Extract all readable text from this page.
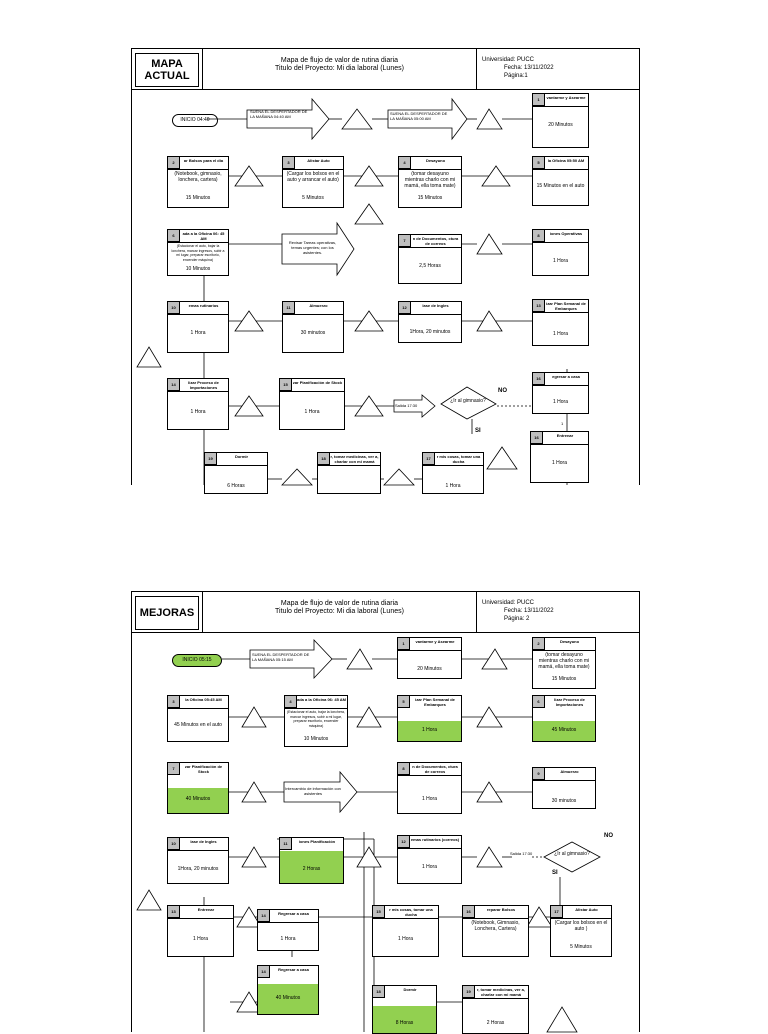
MAPA ACTUAL
Mapa de flujo de valor de rutina diaria
Titulo del Proyecto: Mi dia laboral (Lunes)
Universidad: PUCC

Fecha: 13/11/2022
Página:1
INICIO 04:40
SUENA EL DESPERTADOR DE LA MAÑANA 04:40 AM
SUENA EL DESPERTADOR DE LA MAÑANA 05:00 AM
Revisar Tareas operativas, temas urgentes; con los asistentes.
Salida 17:30
¿Ir al gimnasio?
NO
SI
1
1	vantarme y Asearme
20 Minutos
2	ar Bolsos para el dia
(Notebook, gimnasio, lonchera, cartera)
15 Minutos
3	Alistar Auto
(Cargar los bolsos en el auto y arrancar el auto)
5 Minutos
4	Desayuno
(tomar desayuno mientras charlo con mi mamá, ella toma mate)
15 Minutos
5	la Oficina 05:50 AM
15 Minutos en el auto
6	ada a la Oficina 06: 45 AM
(Estacionar el auto, bajar la lonchera, marcar ingresos, subir a mi lugar, preparar escritorio, encender máquina)
10 Minutos
7	n de Documentos, ctura de correos
2,5 Horas
8	iones Operativas
1 Hora
10	emas rutinarios
1 Hora
11	Almuerzo
30 minutos
12	lase de Ingles
1Hora, 20 minutos
13	izar Plan Semanal de Embarques
1 Hora
14	lizar Proceso de Importaciones
1 Hora
15	zar Planificación de Stock
1 Hora
16	egresar a casa
1 Hora
19	Dormir
6 Horas
18	r, tomar medicinas, ver a, charlar con mi mamá
17	r mis cosas, tomar una ducha
1 Hora
16	Entrenar
1 Hora
MEJORAS
Mapa de flujo de valor de rutina diaria
Titulo del Proyecto: Mi dia laboral (Lunes)
Universidad: PUCC

Fecha: 13/11/2022
Página: 2
INICIO 05:15
SUENA EL DESPERTADOR DE LA MAÑANA 05:15 AM
Intercambio de información con asistentes
Salida 17:30	¿Ir al gimnasio?
NO
SI
1	vantarme y Asearme
20 Minutos
2	Desayuno
(tomar desayuno mientras charlo con mi mamá, ella toma mate)
15 Minutos
3	la Oficina 05:45 AM
45 Minutos en el auto
4	ada a la Oficina 06: 45 AM
(Estacionar el auto, bajar la lonchera, marcar ingresos, subir a mi lugar, preparar escritorio, encender máquina)
10 Minutos
5	izar Plan Semanal de Embarques
1 Hora
6	lizar Proceso de Importaciones
45 Minutos
7	zar Planificación de Stock
40 Minutos
8	n de Documentos, ctura de correos
1 Hora
9	Almuerzo
30 minutos
10	lase de Ingles
1Hora, 20 minutos
11	iones Planificación
2 Horas
12	emas rutinarios (correos)
1 Hora
13	Entrenar
1 Hora
14	Regresar a casa
1 Hora
14	Regresar a casa
40 Minutos
15	r mis cosas, tomar una ducha
1 Hora
16	reparar Bolsos
(Notebook, Gimnasio, Lonchera, Cartera)
17	Alistar Auto
(Cargar los bolsos en el auto )
5 Minutos
18	Dormir
8 Horas
19	r, tomar medicinas, ver a, charlar con mi mamá
2 Horas
